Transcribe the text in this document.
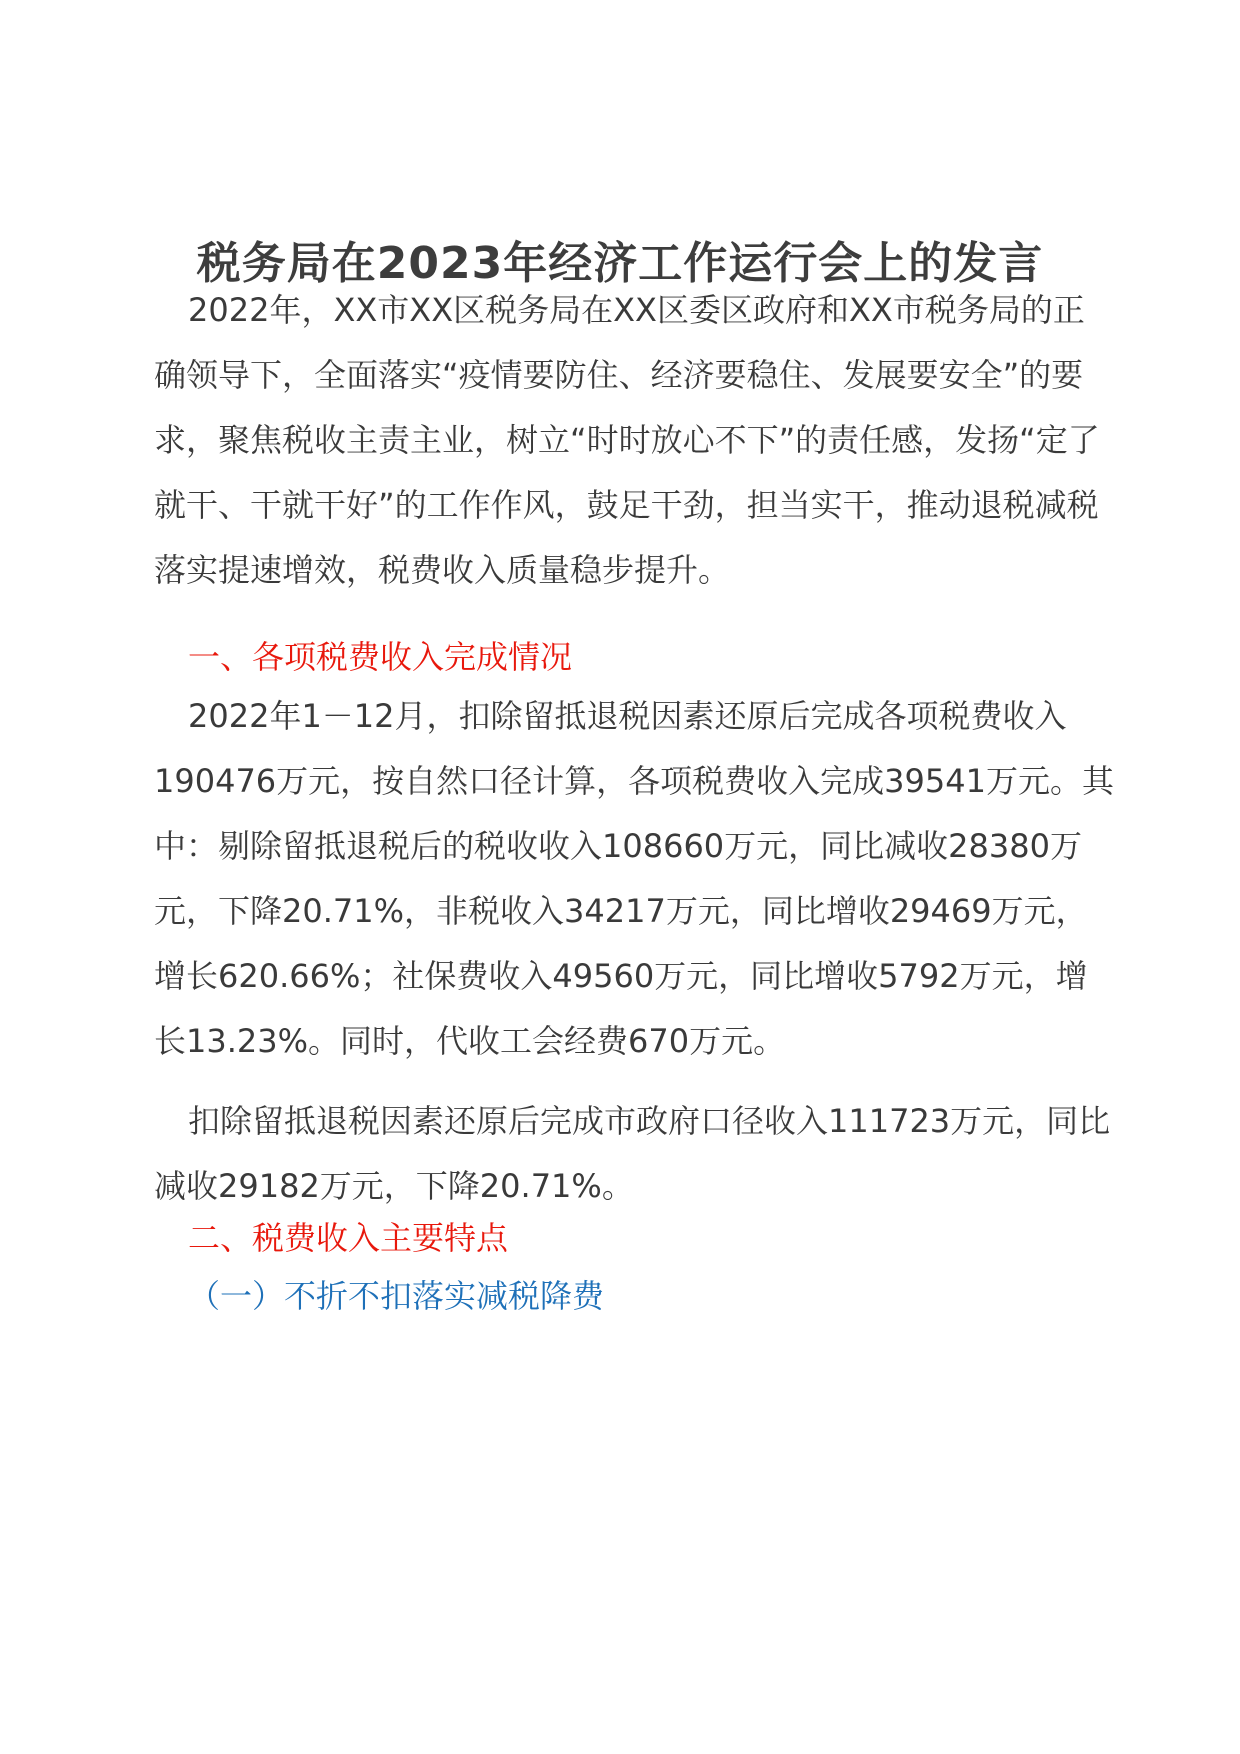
税务局在2023年经济工作运行会上的发言

2022年，XX市XX区税务局在XX区委区政府和XX市税务局的正确领导下，全面落实“疫情要防住、经济要稳住、发展要安全”的要求，聚焦税收主责主业，树立“时时放心不下”的责任感，发扬“定了就干、干就干好”的工作作风，鼓足干劲，担当实干，推动退税减税落实提速增效，税费收入质量稳步提升。

一、各项税费收入完成情况

2022年1－12月，扣除留抵退税因素还原后完成各项税费收入190476万元，按自然口径计算，各项税费收入完成39541万元。其中：剔除留抵退税后的税收收入108660万元，同比减收28380万元，下降20.71%，非税收入34217万元，同比增收29469万元，增长620.66%；社保费收入49560万元，同比增收5792万元，增长13.23%。同时，代收工会经费670万元。

扣除留抵退税因素还原后完成市政府口径收入111723万元，同比减收29182万元，下降20.71%。

二、税费收入主要特点

（一）不折不扣落实减税降费
